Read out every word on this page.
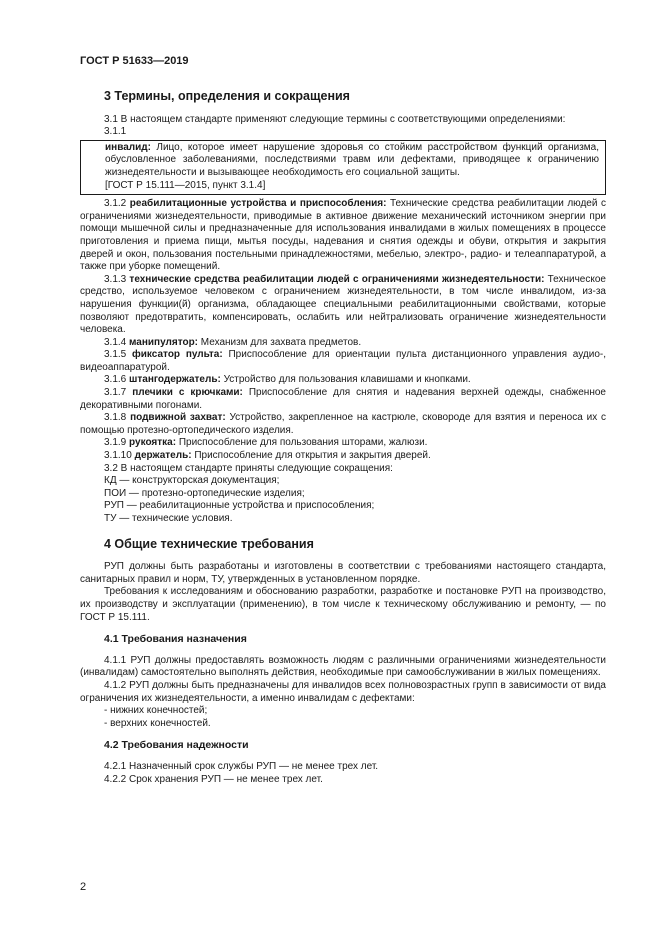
ГОСТ Р 51633—2019
3 Термины, определения и сокращения

3.1 В настоящем стандарте применяют следующие термины с соответствующими определениями:

3.1.1

инвалид: Лицо, которое имеет нарушение здоровья со стойким расстройством функций организма, обусловленное заболеваниями, последствиями травм или дефектами, приводящее к ограничению жизнедеятельности и вызывающее необходимость его социальной защиты.

[ГОСТ Р 15.111—2015, пункт 3.1.4]

3.1.2 реабилитационные устройства и приспособления: Технические средства реабилитации людей с ограничениями жизнедеятельности, приводимые в активное движение механический источником энергии при помощи мышечной силы и предназначенные для использования инвалидами в жилых помещениях в процессе приготовления и приема пищи, мытья посуды, надевания и снятия одежды и обуви, открытия и закрытия дверей и окон, пользования постельными принадлежностями, мебелью, электро-, радио- и телеаппаратурой, а также при уборке помещений.

3.1.3 технические средства реабилитации людей с ограничениями жизнедеятельности: Техническое средство, используемое человеком с ограничением жизнедеятельности, в том числе инвалидом, из-за нарушения функции(й) организма, обладающее специальными реабилитационными свойствами, которые позволяют предотвратить, компенсировать, ослабить или нейтрализовать ограничение жизнедеятельности человека.

3.1.4 манипулятор: Механизм для захвата предметов.

3.1.5 фиксатор пульта: Приспособление для ориентации пульта дистанционного управления аудио-, видеоаппаратурой.

3.1.6 штангодержатель: Устройство для пользования клавишами и кнопками.

3.1.7 плечики с крючками: Приспособление для снятия и надевания верхней одежды, снабженное декоративными погонами.

3.1.8 подвижной захват: Устройство, закрепленное на кастрюле, сковороде для взятия и переноса их с помощью протезно-ортопедического изделия.

3.1.9 рукоятка: Приспособление для пользования шторами, жалюзи.

3.1.10 держатель: Приспособление для открытия и закрытия дверей.

3.2 В настоящем стандарте приняты следующие сокращения:

КД — конструкторская документация;

ПОИ — протезно-ортопедические изделия;

РУП — реабилитационные устройства и приспособления;

ТУ — технические условия.

4 Общие технические требования

РУП должны быть разработаны и изготовлены в соответствии с требованиями настоящего стандарта, санитарных правил и норм, ТУ, утвержденных в установленном порядке.

Требования к исследованиям и обоснованию разработки, разработке и постановке РУП на производство, их производству и эксплуатации (применению), в том числе к техническому обслуживанию и ремонту, — по ГОСТ Р 15.111.

4.1 Требования назначения

4.1.1 РУП должны предоставлять возможность людям с различными ограничениями жизнедеятельности (инвалидам) самостоятельно выполнять действия, необходимые при самообслуживании в жилых помещениях.

4.1.2 РУП должны быть предназначены для инвалидов всех полновозрастных групп в зависимости от вида ограничения их жизнедеятельности, а именно инвалидам с дефектами:

- нижних конечностей;

- верхних конечностей.

4.2 Требования надежности

4.2.1 Назначенный срок службы РУП — не менее трех лет.

4.2.2 Срок хранения РУП — не менее трех лет.

2
